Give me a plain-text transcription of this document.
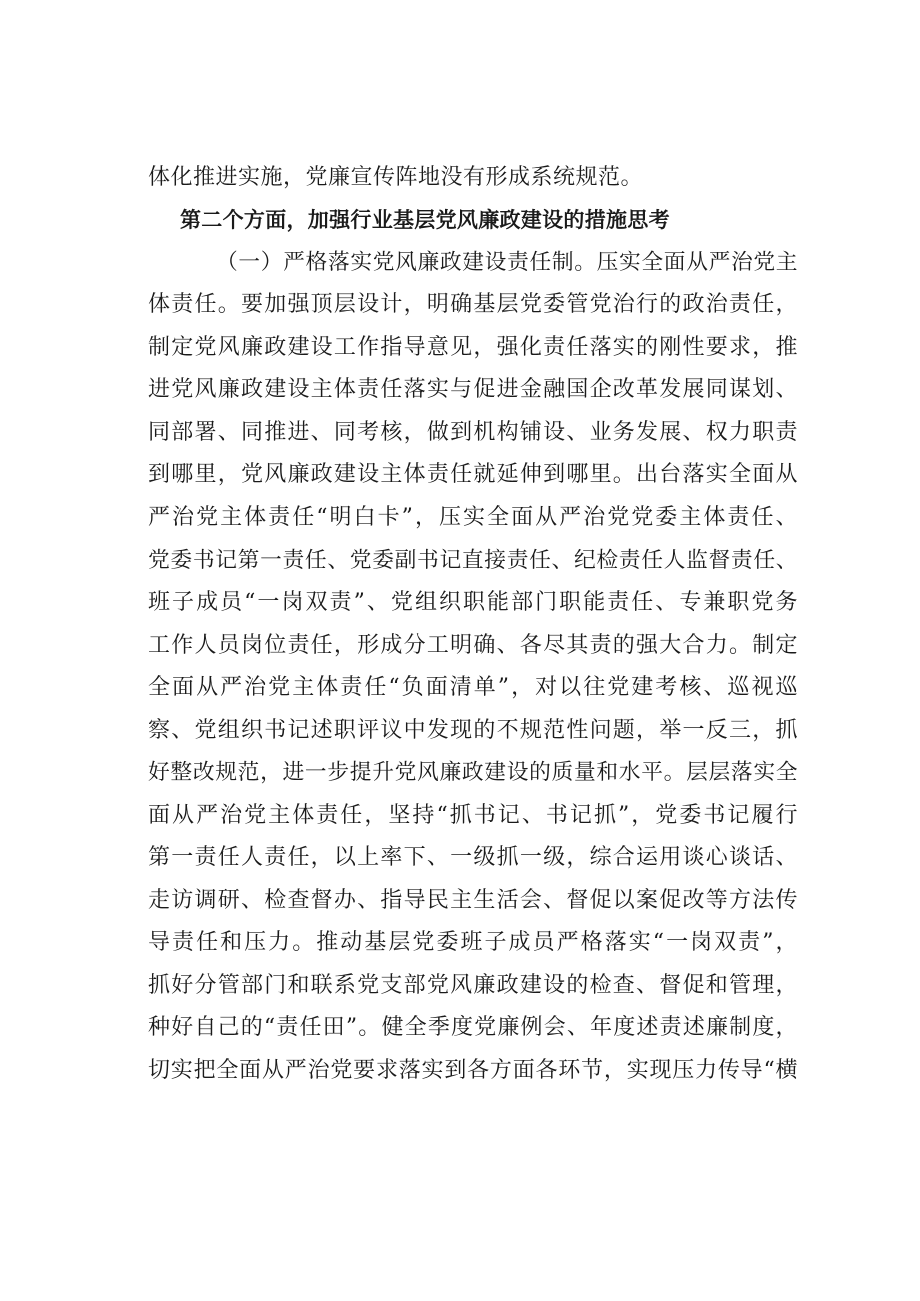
体化推进实施，党廉宣传阵地没有形成系统规范。
第二个方面，加强行业基层党风廉政建设的措施思考
（一）严格落实党风廉政建设责任制。压实全面从严治党主
体责任。要加强顶层设计，明确基层党委管党治行的政治责任，
制定党风廉政建设工作指导意见，强化责任落实的刚性要求，推
进党风廉政建设主体责任落实与促进金融国企改革发展同谋划、
同部署、同推进、同考核，做到机构铺设、业务发展、权力职责
到哪里，党风廉政建设主体责任就延伸到哪里。出台落实全面从
严治党主体责任“明白卡”，压实全面从严治党党委主体责任、
党委书记第一责任、党委副书记直接责任、纪检责任人监督责任、
班子成员“一岗双责”、党组织职能部门职能责任、专兼职党务
工作人员岗位责任，形成分工明确、各尽其责的强大合力。制定
全面从严治党主体责任“负面清单”，对以往党建考核、巡视巡
察、党组织书记述职评议中发现的不规范性问题，举一反三，抓
好整改规范，进一步提升党风廉政建设的质量和水平。层层落实全
面从严治党主体责任，坚持“抓书记、书记抓”，党委书记履行
第一责任人责任，以上率下、一级抓一级，综合运用谈心谈话、
走访调研、检查督办、指导民主生活会、督促以案促改等方法传
导责任和压力。推动基层党委班子成员严格落实“一岗双责”，
抓好分管部门和联系党支部党风廉政建设的检查、督促和管理，
种好自己的“责任田”。健全季度党廉例会、年度述责述廉制度，
切实把全面从严治党要求落实到各方面各环节，实现压力传导“横
